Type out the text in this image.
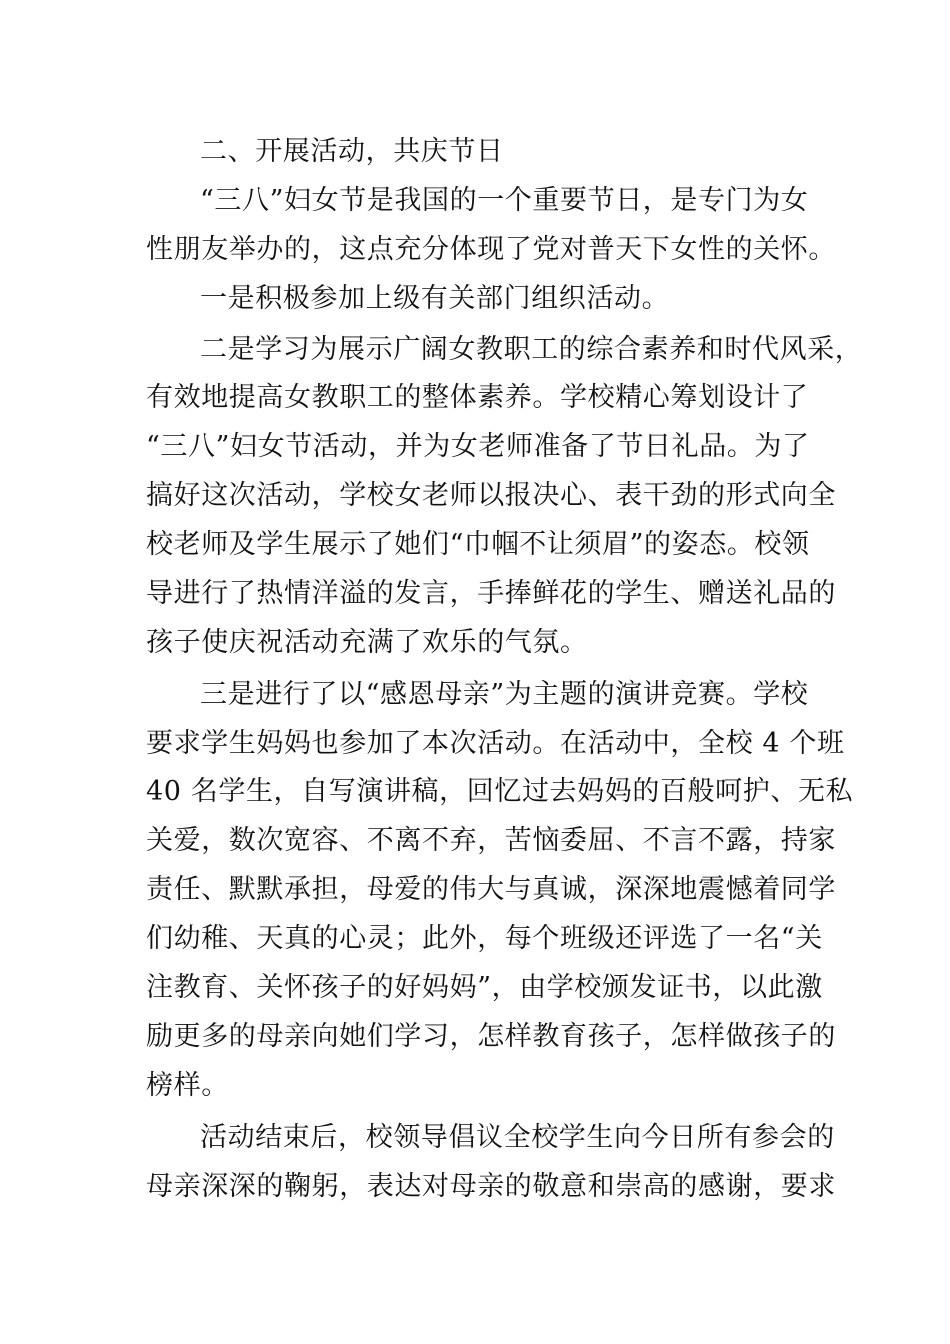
二、开展活动，共庆节日
“三八”妇女节是我国的一个重要节日，是专门为女
性朋友举办的，这点充分体现了党对普天下女性的关怀。
一是积极参加上级有关部门组织活动。
二是学习为展示广阔女教职工的综合素养和时代风采，
有效地提高女教职工的整体素养。学校精心筹划设计了
“三八”妇女节活动，并为女老师准备了节日礼品。为了
搞好这次活动，学校女老师以报决心、表干劲的形式向全
校老师及学生展示了她们“巾帼不让须眉”的姿态。校领
导进行了热情洋溢的发言，手捧鲜花的学生、赠送礼品的
孩子使庆祝活动充满了欢乐的气氛。
三是进行了以“感恩母亲”为主题的演讲竞赛。学校
要求学生妈妈也参加了本次活动。在活动中，全校 4 个班
40 名学生，自写演讲稿，回忆过去妈妈的百般呵护、无私
关爱，数次宽容、不离不弃，苦恼委屈、不言不露，持家
责任、默默承担，母爱的伟大与真诚，深深地震憾着同学
们幼稚、天真的心灵；此外，每个班级还评选了一名“关
注教育、关怀孩子的好妈妈”，由学校颁发证书，以此激
励更多的母亲向她们学习，怎样教育孩子，怎样做孩子的
榜样。
活动结束后，校领导倡议全校学生向今日所有参会的
母亲深深的鞠躬，表达对母亲的敬意和崇高的感谢，要求
